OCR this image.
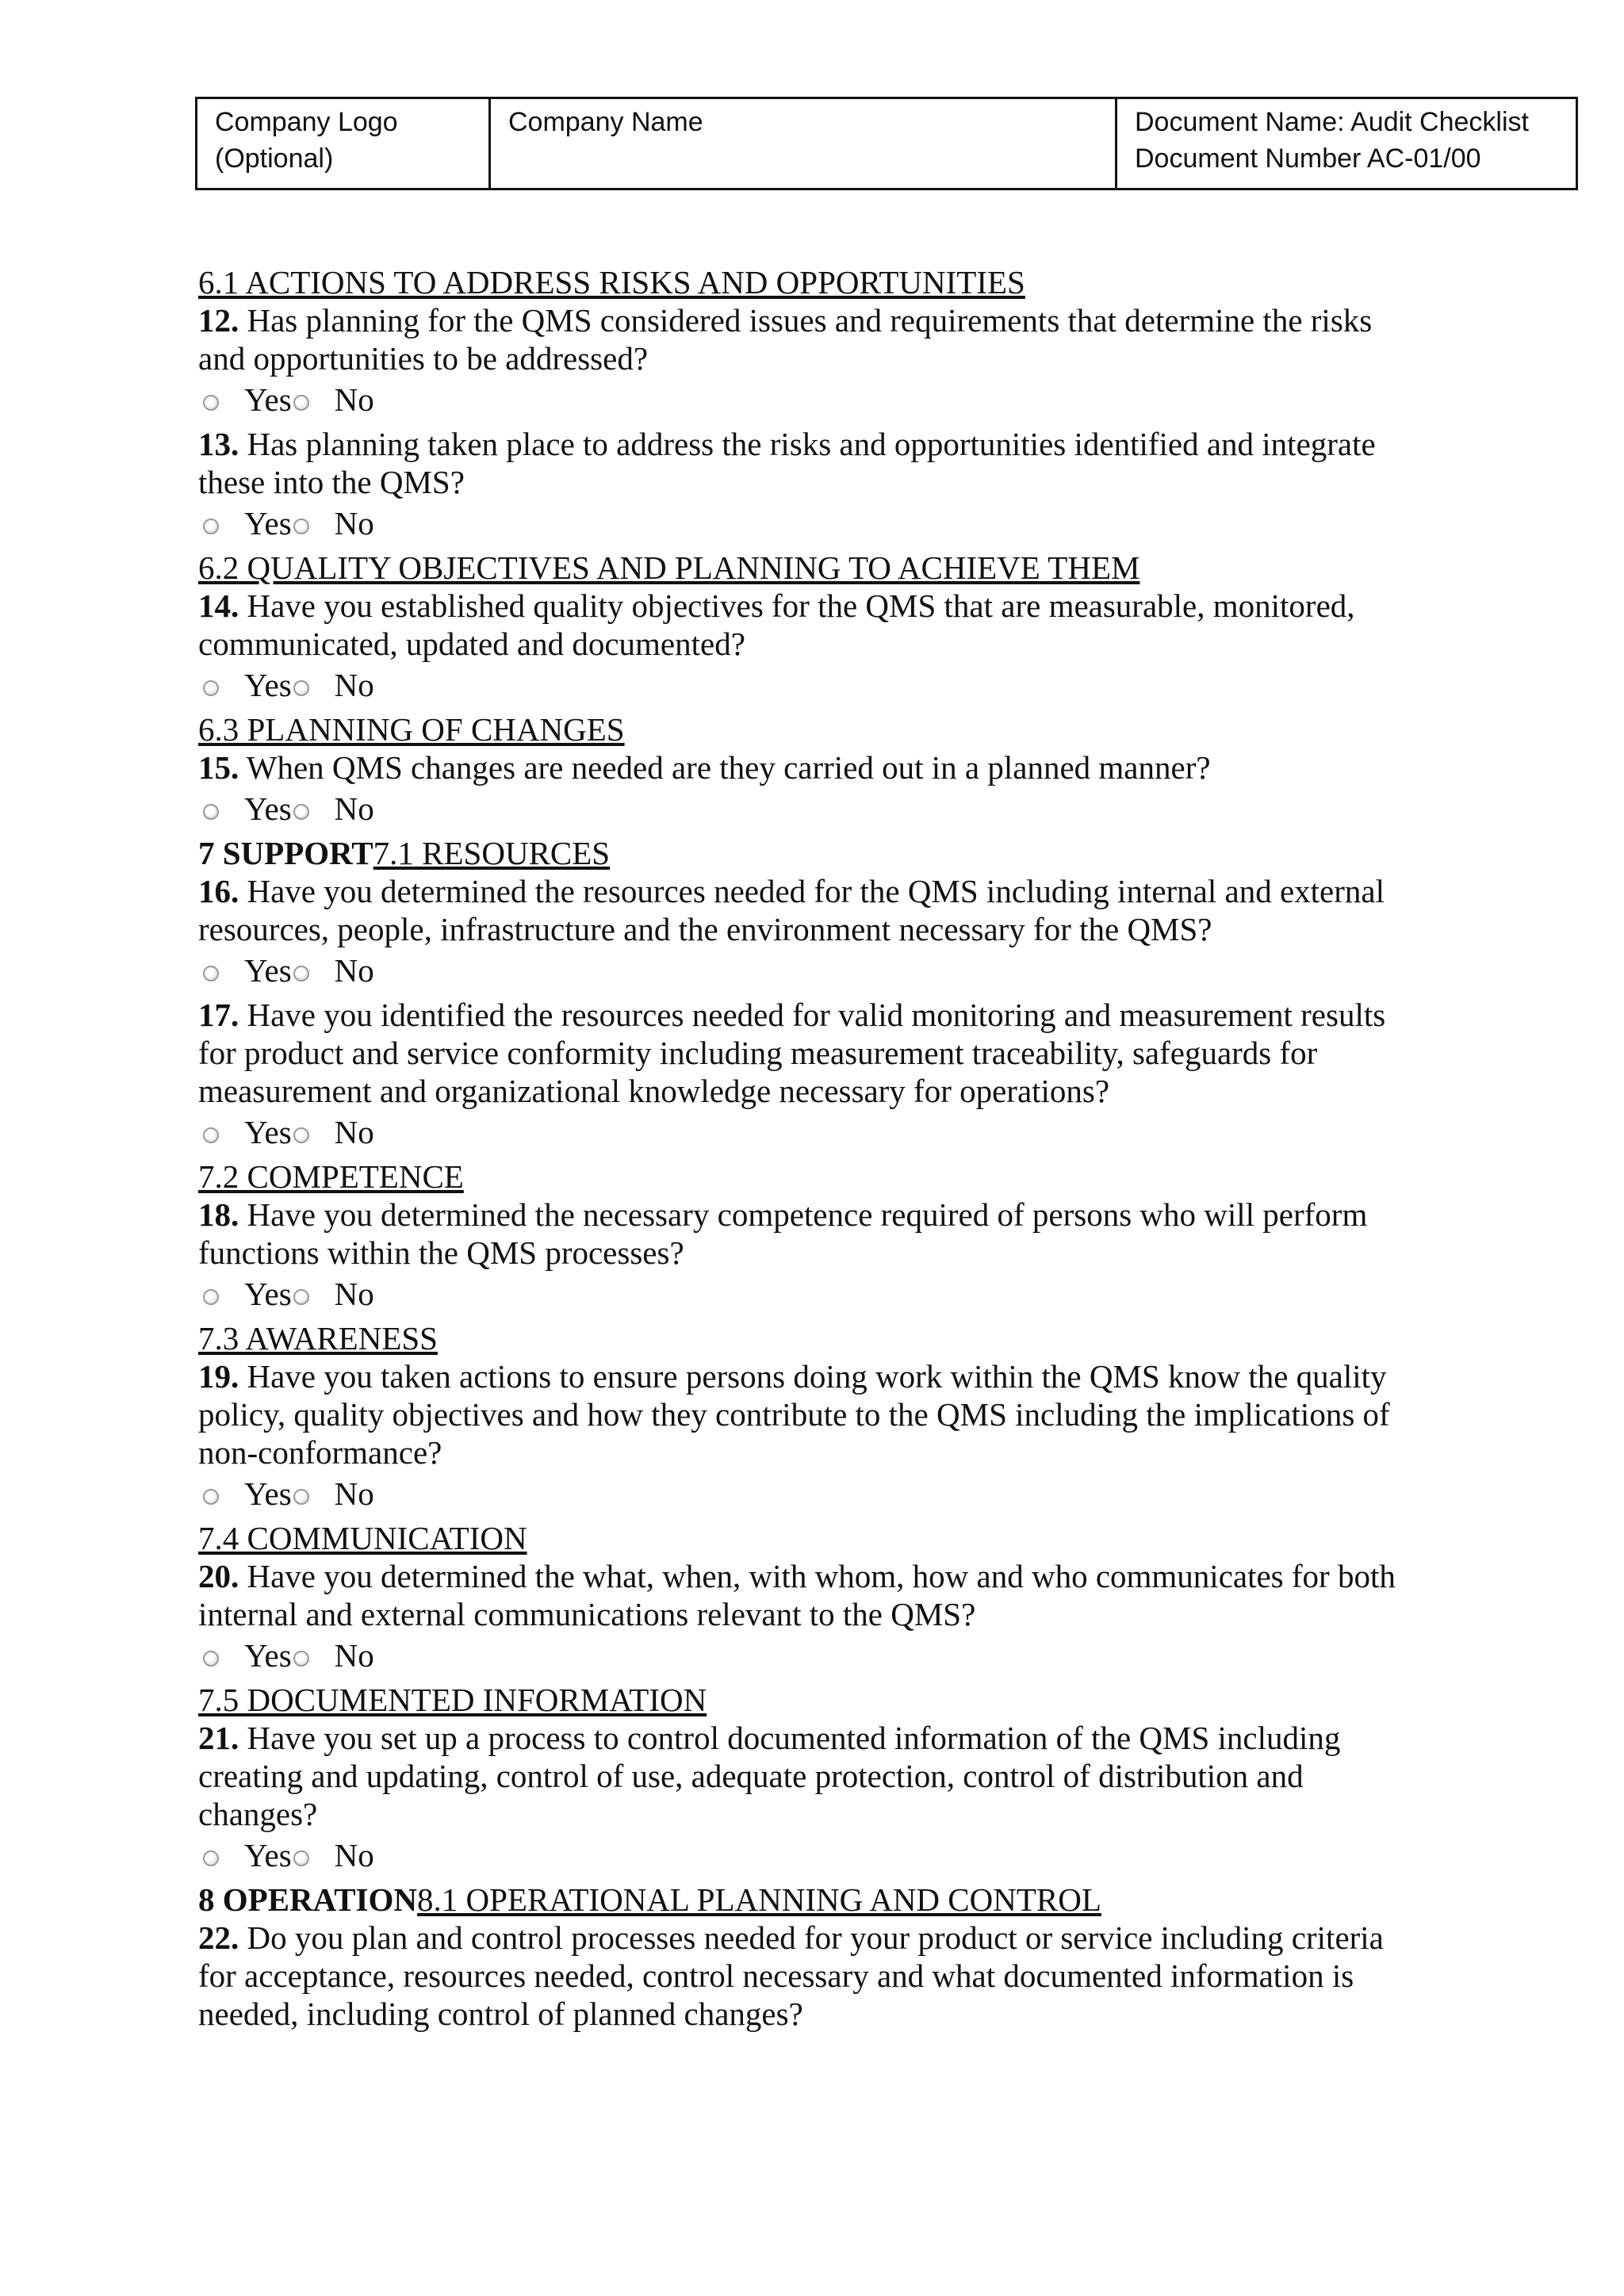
Company Logo
(Optional)
Company Name	Document Name: Audit Checklist
Document Number AC-01/00
6.1 ACTIONS TO ADDRESS RISKS AND OPPORTUNITIES
12. Has planning for the QMS considered issues and requirements that determine the risks
and opportunities to be addressed?
Yes No
13. Has planning taken place to address the risks and opportunities identified and integrate
these into the QMS?
Yes No
6.2 QUALITY OBJECTIVES AND PLANNING TO ACHIEVE THEM
14. Have you established quality objectives for the QMS that are measurable, monitored,
communicated, updated and documented?
Yes No
6.3 PLANNING OF CHANGES
15. When QMS changes are needed are they carried out in a planned manner?
Yes No
7 SUPPORT7.1 RESOURCES
16. Have you determined the resources needed for the QMS including internal and external
resources, people, infrastructure and the environment necessary for the QMS?
Yes No
17. Have you identified the resources needed for valid monitoring and measurement results
for product and service conformity including measurement traceability, safeguards for
measurement and organizational knowledge necessary for operations?
Yes No
7.2 COMPETENCE
18. Have you determined the necessary competence required of persons who will perform
functions within the QMS processes?
Yes No
7.3 AWARENESS
19. Have you taken actions to ensure persons doing work within the QMS know the quality
policy, quality objectives and how they contribute to the QMS including the implications of
non-conformance?
Yes No
7.4 COMMUNICATION
20. Have you determined the what, when, with whom, how and who communicates for both
internal and external communications relevant to the QMS?
Yes No
7.5 DOCUMENTED INFORMATION
21. Have you set up a process to control documented information of the QMS including
creating and updating, control of use, adequate protection, control of distribution and
changes?
Yes No
8 OPERATION8.1 OPERATIONAL PLANNING AND CONTROL
22. Do you plan and control processes needed for your product or service including criteria
for acceptance, resources needed, control necessary and what documented information is
needed, including control of planned changes?
